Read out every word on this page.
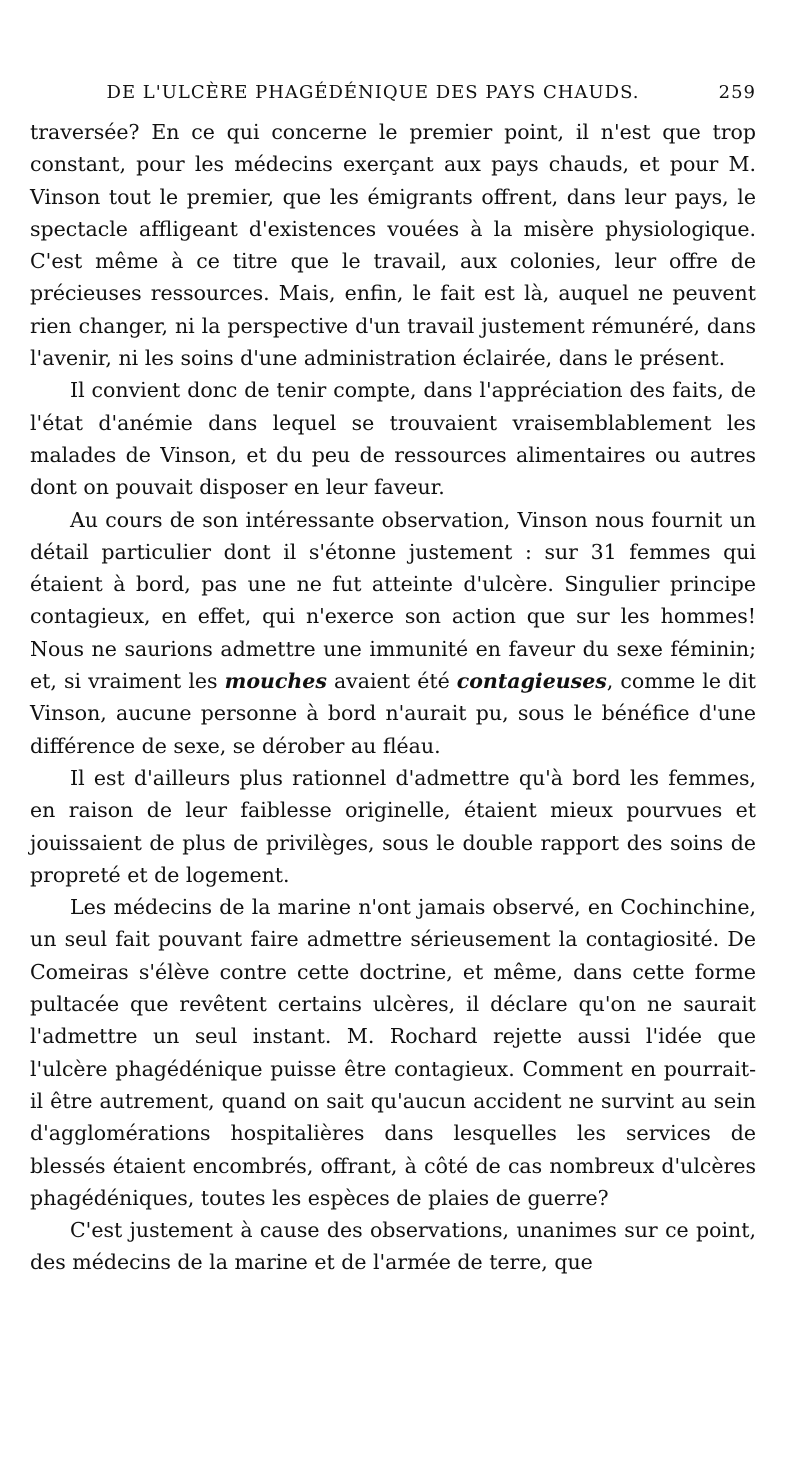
DE L'ULCÈRE PHAGÉDÉNIQUE DES PAYS CHAUDS.	259

traversée? En ce qui concerne le premier point, il n'est que trop constant, pour les médecins exerçant aux pays chauds, et pour M. Vinson tout le premier, que les émigrants offrent, dans leur pays, le spectacle affligeant d'existences vouées à la misère physiologique. C'est même à ce titre que le travail, aux colonies, leur offre de précieuses ressources. Mais, enfin, le fait est là, auquel ne peuvent rien changer, ni la perspective d'un travail justement rémunéré, dans l'avenir, ni les soins d'une administration éclairée, dans le présent.

Il convient donc de tenir compte, dans l'appréciation des faits, de l'état d'anémie dans lequel se trouvaient vraisemblablement les malades de Vinson, et du peu de ressources alimentaires ou autres dont on pouvait disposer en leur faveur.

Au cours de son intéressante observation, Vinson nous fournit un détail particulier dont il s'étonne justement : sur 31 femmes qui étaient à bord, pas une ne fut atteinte d'ulcère. Singulier principe contagieux, en effet, qui n'exerce son action que sur les hommes! Nous ne saurions admettre une immunité en faveur du sexe féminin; et, si vraiment les mouches avaient été contagieuses, comme le dit Vinson, aucune personne à bord n'aurait pu, sous le bénéfice d'une différence de sexe, se dérober au fléau.

Il est d'ailleurs plus rationnel d'admettre qu'à bord les femmes, en raison de leur faiblesse originelle, étaient mieux pourvues et jouissaient de plus de privilèges, sous le double rapport des soins de propreté et de logement.

Les médecins de la marine n'ont jamais observé, en Cochinchine, un seul fait pouvant faire admettre sérieusement la contagiosité. De Comeiras s'élève contre cette doctrine, et même, dans cette forme pultacée que revêtent certains ulcères, il déclare qu'on ne saurait l'admettre un seul instant. M. Rochard rejette aussi l'idée que l'ulcère phagédénique puisse être contagieux. Comment en pourrait-il être autrement, quand on sait qu'aucun accident ne survint au sein d'agglomérations hospitalières dans lesquelles les services de blessés étaient encombrés, offrant, à côté de cas nombreux d'ulcères phagédéniques, toutes les espèces de plaies de guerre?

C'est justement à cause des observations, unanimes sur ce point, des médecins de la marine et de l'armée de terre, que
